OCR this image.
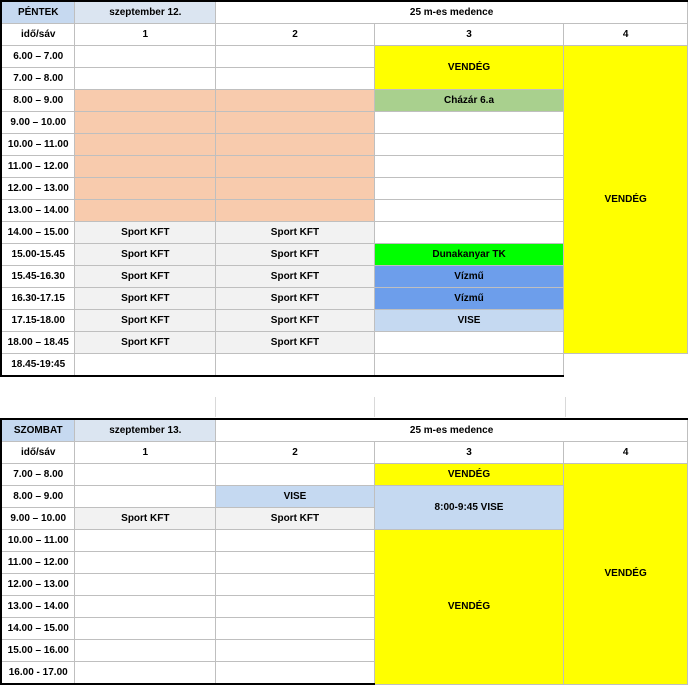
PÉNTEK	szeptember 12.	25 m-es medence		
idő/sáv	1	2	3	4
6.00 – 7.00			VENDÉG	VENDÉG
7.00 – 8.00				
8.00 – 9.00			Cházár 6.a	
9.00 – 10.00				
10.00 – 11.00				
11.00 – 12.00				
12.00 – 13.00				
13.00 – 14.00				
14.00 – 15.00	Sport KFT	Sport KFT		
15.00-15.45	Sport KFT	Sport KFT	Dunakanyar TK	
15.45-16.30	Sport KFT	Sport KFT	Vízmű	
16.30-17.15	Sport KFT	Sport KFT	Vízmű	
17.15-18.00	Sport KFT	Sport KFT	VISE	
18.00 – 18.45	Sport KFT	Sport KFT		
18.45-19:45				
SZOMBAT	szeptember 13.	25 m-es medence		
idő/sáv	1	2	3	4
7.00 – 8.00			VENDÉG	VENDÉG
8.00 – 9.00		VISE	8:00-9:45 VISE	
9.00 – 10.00	Sport KFT	Sport KFT		
10.00 – 11.00			VENDÉG	
11.00 – 12.00				
12.00 – 13.00				
13.00 – 14.00				
14.00 – 15.00				
15.00 – 16.00				
16.00 - 17.00				
